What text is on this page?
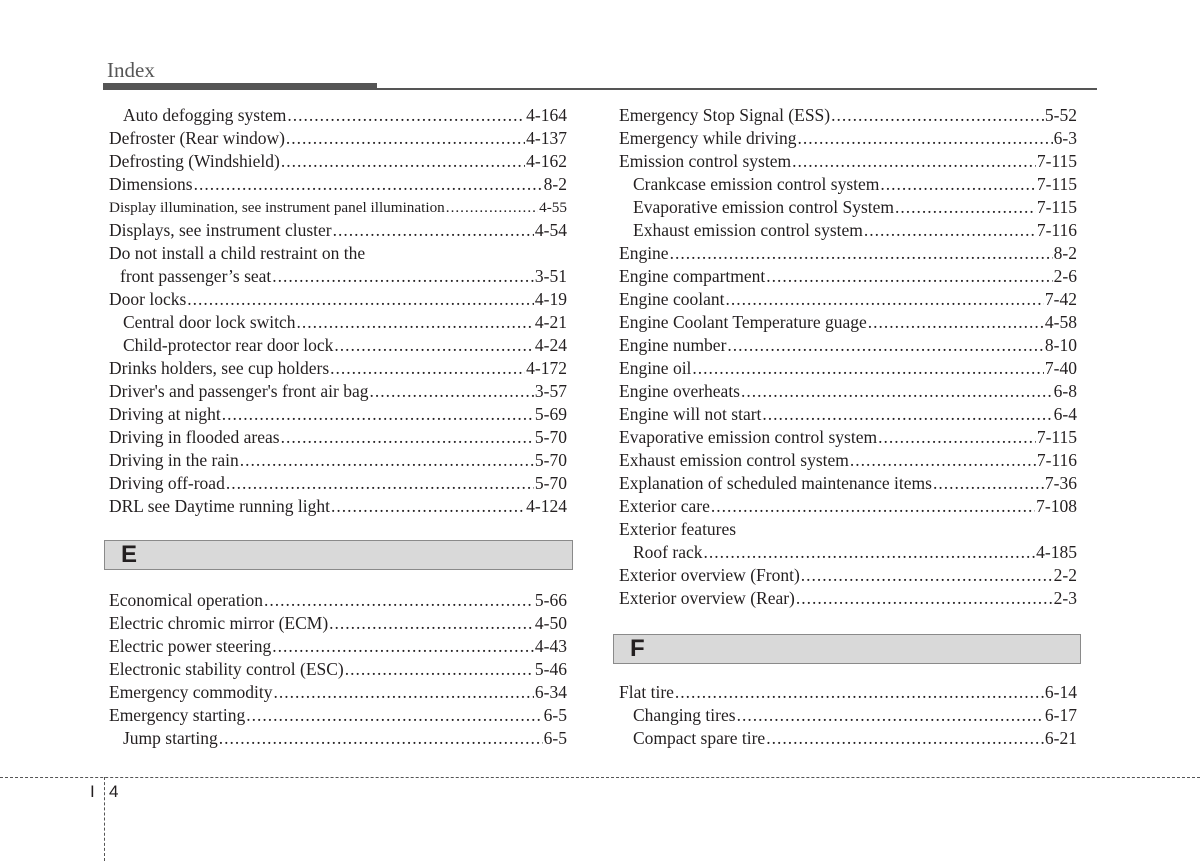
Index
Auto defogging system .....	4-164
Defroster (Rear window) .....	4-137
Defrosting (Windshield) .....	4-162
Dimensions .....	8-2
Display illumination, see instrument panel illumination .....	4-55
Displays, see instrument cluster .....	4-54
Do not install a child restraint on the
front passenger’s seat .....	3-51
Door locks .....	4-19
Central door lock switch .....	4-21
Child-protector rear door lock .....	4-24
Drinks holders, see cup holders .....	4-172
Driver's and passenger's front air bag .....	3-57
Driving at night .....	5-69
Driving in flooded areas .....	5-70
Driving in the rain .....	5-70
Driving off-road .....	5-70
DRL see Daytime running light .....	4-124
E
Economical operation .....	5-66
Electric chromic mirror (ECM) .....	4-50
Electric power steering .....	4-43
Electronic stability control (ESC) .....	5-46
Emergency commodity .....	6-34
Emergency starting .....	6-5
Jump starting .....	6-5
Emergency Stop Signal (ESS) .....	5-52
Emergency while driving .....	6-3
Emission control system .....	7-115
Crankcase emission control system .....	7-115
Evaporative emission control System .....	7-115
Exhaust emission control system .....	7-116
Engine .....	8-2
Engine compartment .....	2-6
Engine coolant .....	7-42
Engine Coolant Temperature guage .....	4-58
Engine number .....	8-10
Engine oil .....	7-40
Engine overheats .....	6-8
Engine will not start .....	6-4
Evaporative emission control system .....	7-115
Exhaust emission control system .....	7-116
Explanation of scheduled maintenance items .....	7-36
Exterior care .....	7-108
Exterior features
Roof rack .....	4-185
Exterior overview (Front) .....	2-2
Exterior overview (Rear) .....	2-3
F
Flat tire .....	6-14
Changing tires .....	6-17
Compact spare tire .....	6-21
I 4
